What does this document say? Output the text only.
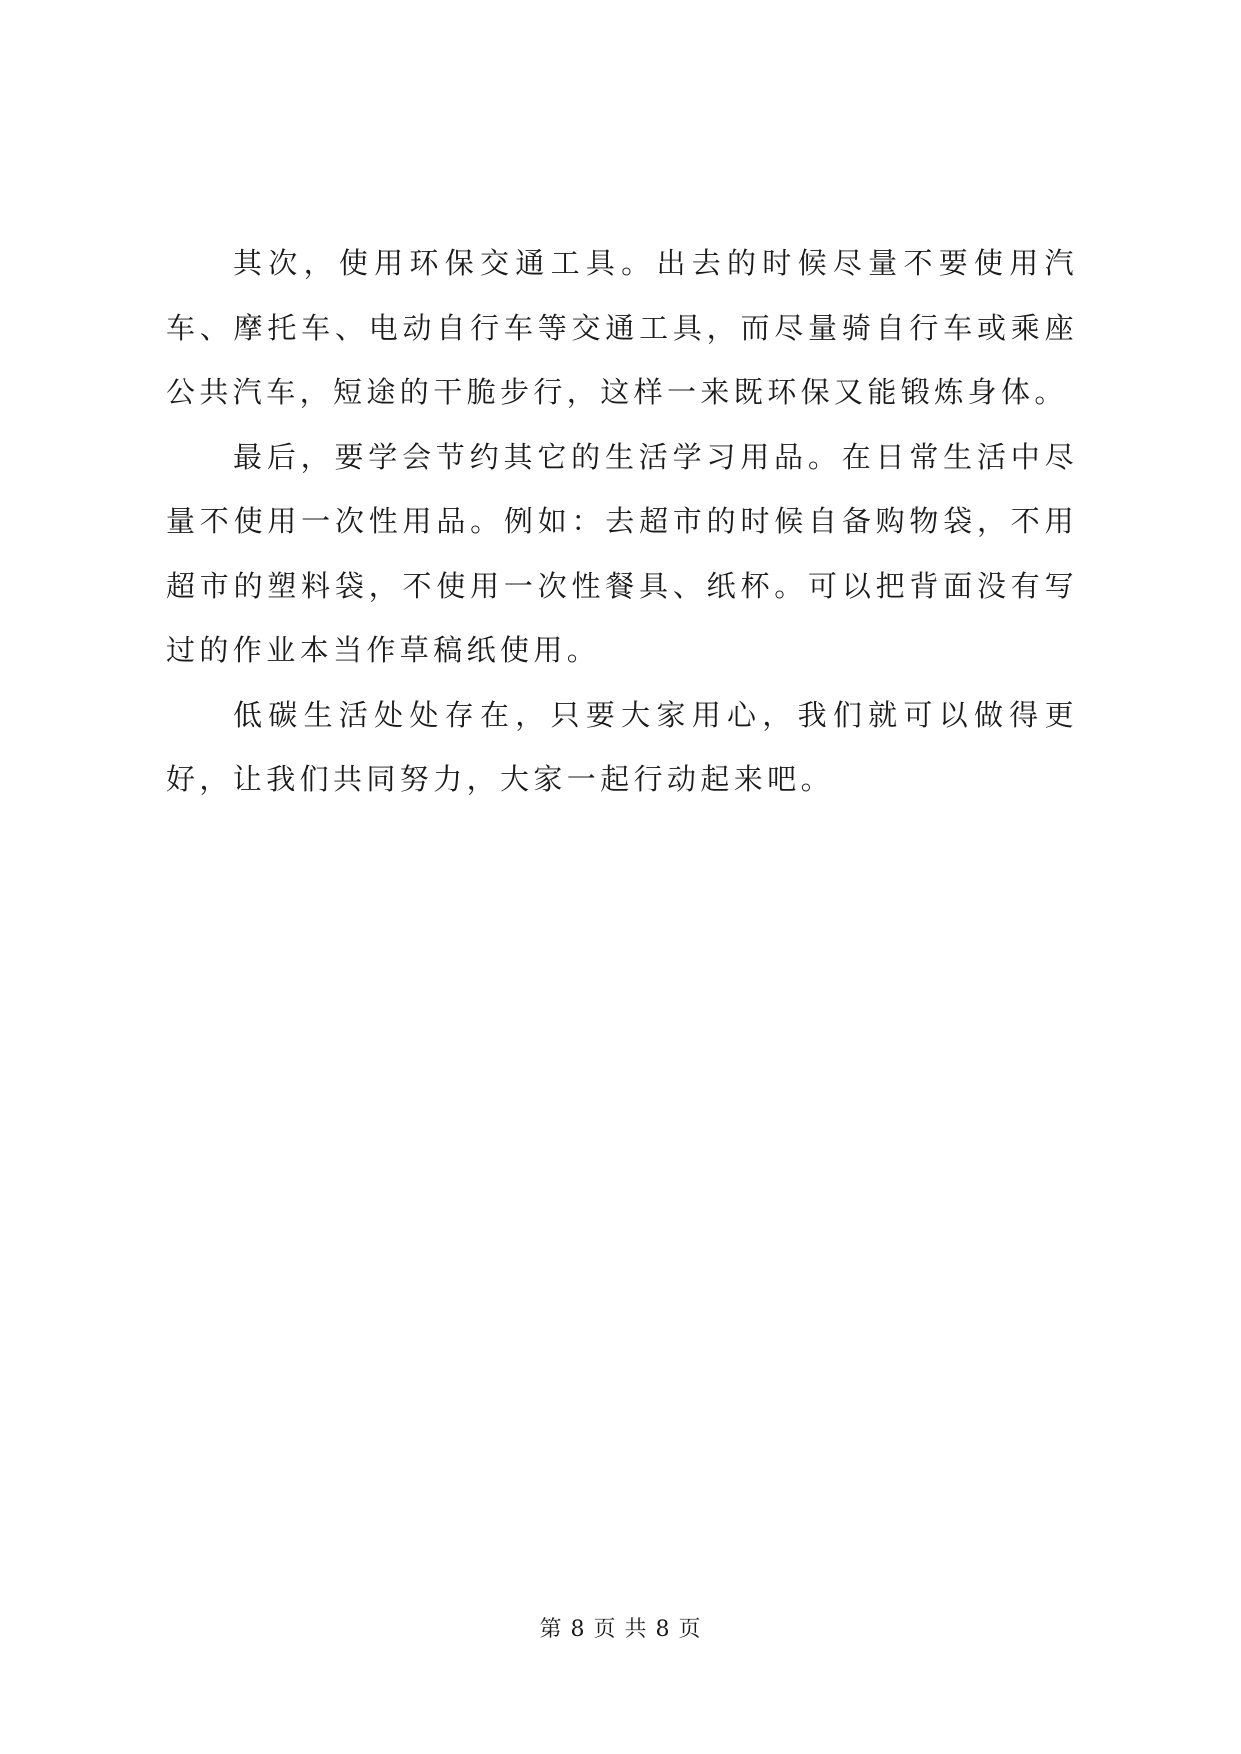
其次，使用环保交通工具。出去的时候尽量不要使用汽车、摩托车、电动自行车等交通工具，而尽量骑自行车或乘座公共汽车，短途的干脆步行，这样一来既环保又能锻炼身体。

最后，要学会节约其它的生活学习用品。在日常生活中尽量不使用一次性用品。例如：去超市的时候自备购物袋，不用超市的塑料袋，不使用一次性餐具、纸杯。可以把背面没有写过的作业本当作草稿纸使用。

低碳生活处处存在，只要大家用心，我们就可以做得更好，让我们共同努力，大家一起行动起来吧。

第 8 页 共 8 页
